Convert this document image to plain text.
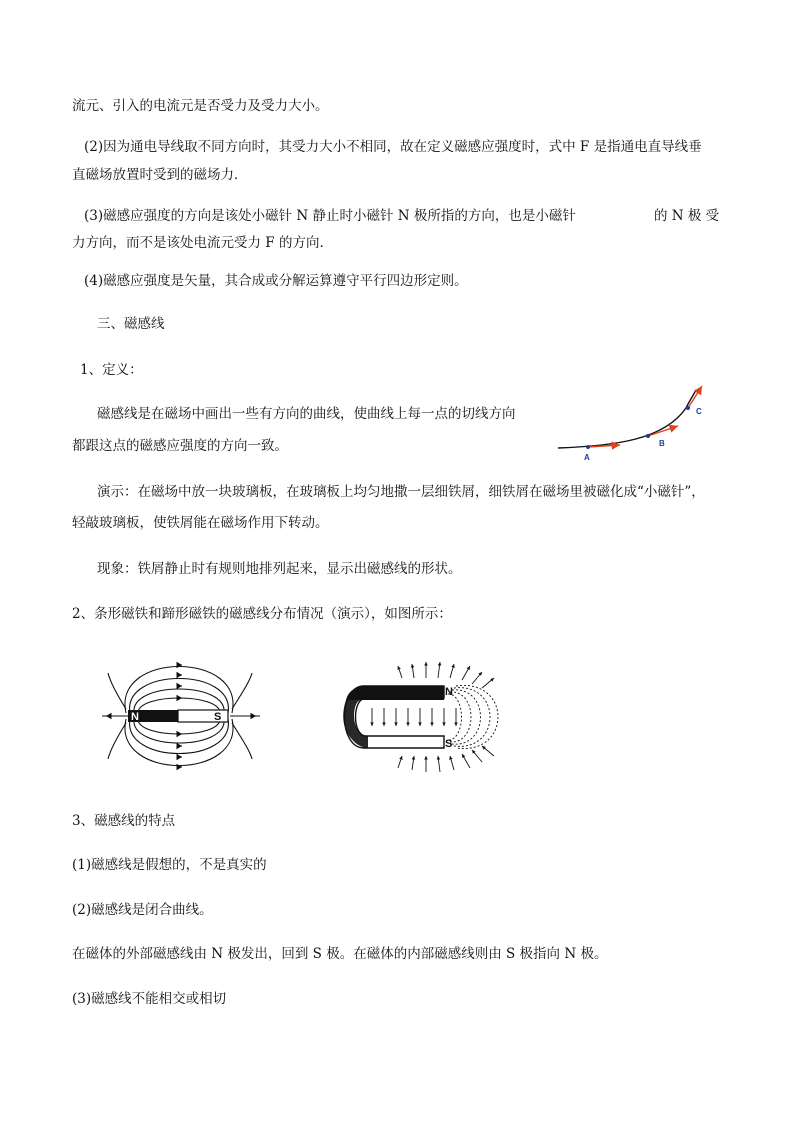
流元、引入的电流元是否受力及受力大小。
(2)因为通电导线取不同方向时，其受力大小不相同，故在定义磁感应强度时，式中 F 是指通电直导线垂
直磁场放置时受到的磁场力．
(3)磁感应强度的方向是该处小磁针 N 静止时小磁针 N 极所指的方向，也是小磁针	的 N 极 受
力方向，而不是该处电流元受力 F 的方向．
(4)磁感应强度是矢量，其合成或分解运算遵守平行四边形定则。
三、磁感线
1、定义：
磁感线是在磁场中画出一些有方向的曲线，使曲线上每一点的切线方向
都跟这点的磁感应强度的方向一致。
演示：在磁场中放一块玻璃板，在玻璃板上均匀地撒一层细铁屑，细铁屑在磁场里被磁化成“小磁针”，
轻敲玻璃板，使铁屑能在磁场作用下转动。
现象：铁屑静止时有规则地排列起来，显示出磁感线的形状。
2、条形磁铁和蹄形磁铁的磁感线分布情况（演示），如图所示：
3、磁感线的特点
(1)磁感线是假想的，不是真实的
(2)磁感线是闭合曲线。
在磁体的外部磁感线由 N 极发出，回到 S 极。在磁体的内部磁感线则由 S 极指向 N 极。
(3)磁感线不能相交或相切
A
B
C
N	S
N
S
